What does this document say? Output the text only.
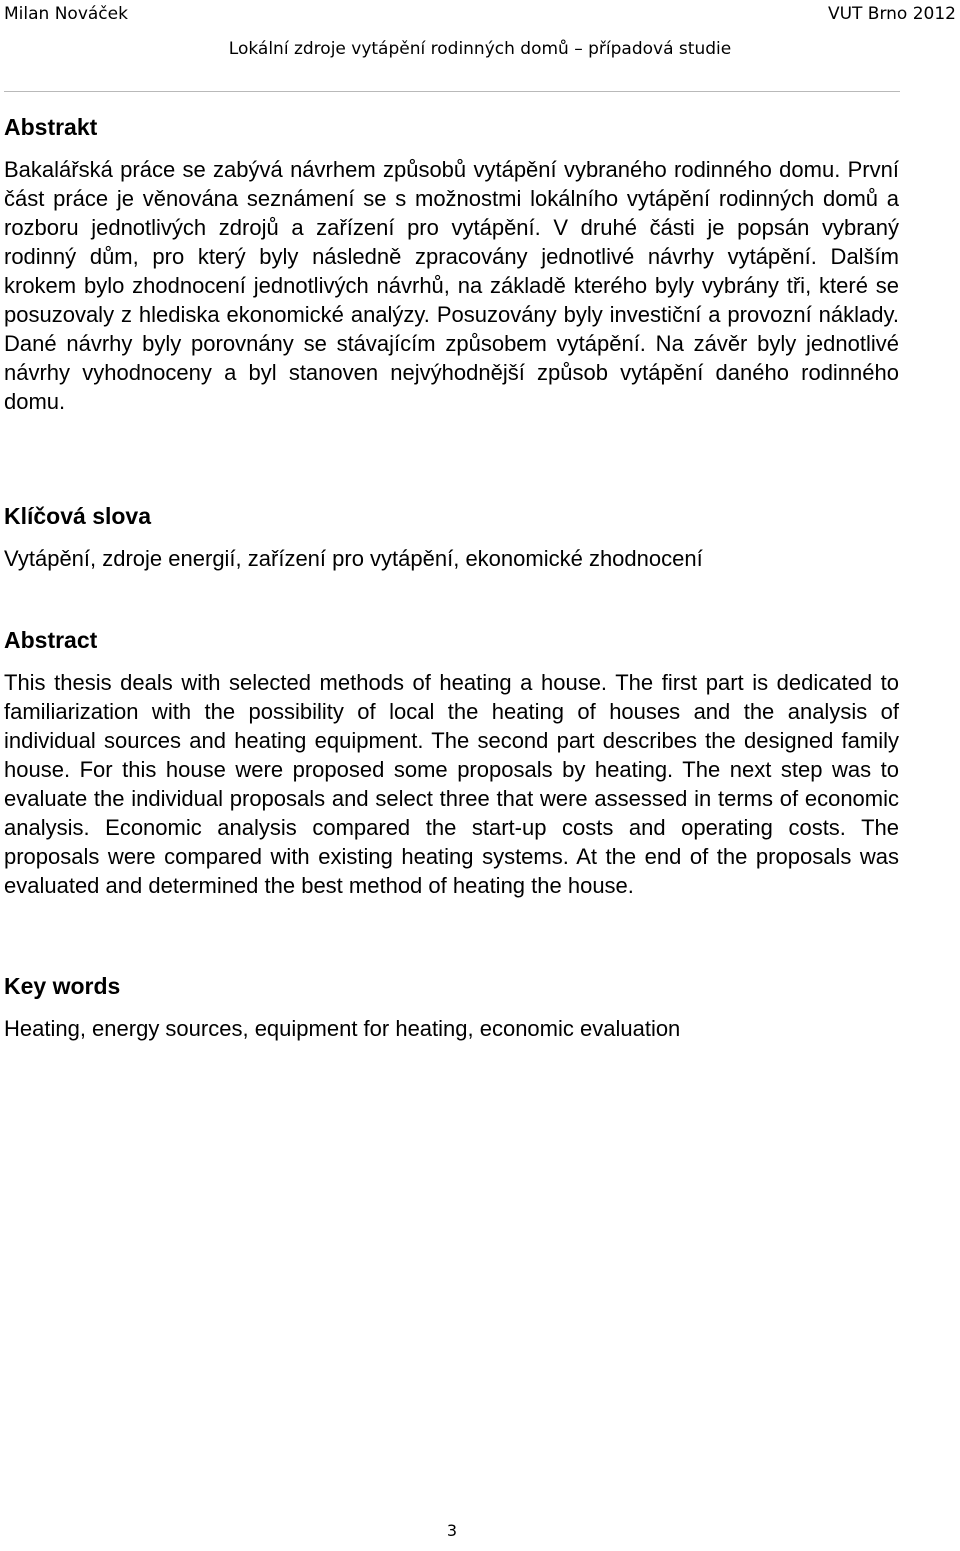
Milan Nováček	VUT Brno 2012
Lokální zdroje vytápění rodinných domů – případová studie
Abstrakt

Bakalářská práce se zabývá návrhem způsobů vytápění vybraného rodinného domu. První část práce je věnována seznámení se s možnostmi lokálního vytápění rodinných domů a rozboru jednotlivých zdrojů a zařízení pro vytápění. V druhé části je popsán vybraný rodinný dům, pro který byly následně zpracovány jednotlivé návrhy vytápění. Dalším krokem bylo zhodnocení jednotlivých návrhů, na základě kterého byly vybrány tři, které se posuzovaly z hlediska ekonomické analýzy. Posuzovány byly investiční a provozní náklady. Dané návrhy byly porovnány se stávajícím způsobem vytápění. Na závěr byly jednotlivé návrhy vyhodnoceny a byl stanoven nejvýhodnější způsob vytápění daného rodinného domu.

Klíčová slova
Vytápění, zdroje energií, zařízení pro vytápění, ekonomické zhodnocení
Abstract

This thesis deals with selected methods of heating a house. The first part is dedicated to familiarization with the possibility of local the heating of houses and the analysis of individual sources and heating equipment. The second part describes the designed family house. For this house were proposed some proposals by heating. The next step was to evaluate the individual proposals and select three that were assessed in terms of economic analysis. Economic analysis compared the start-up costs and operating costs. The proposals were compared with existing heating systems. At the end of the proposals was evaluated and determined the best method of heating the house.

Key words
Heating, energy sources, equipment for heating, economic evaluation
3
